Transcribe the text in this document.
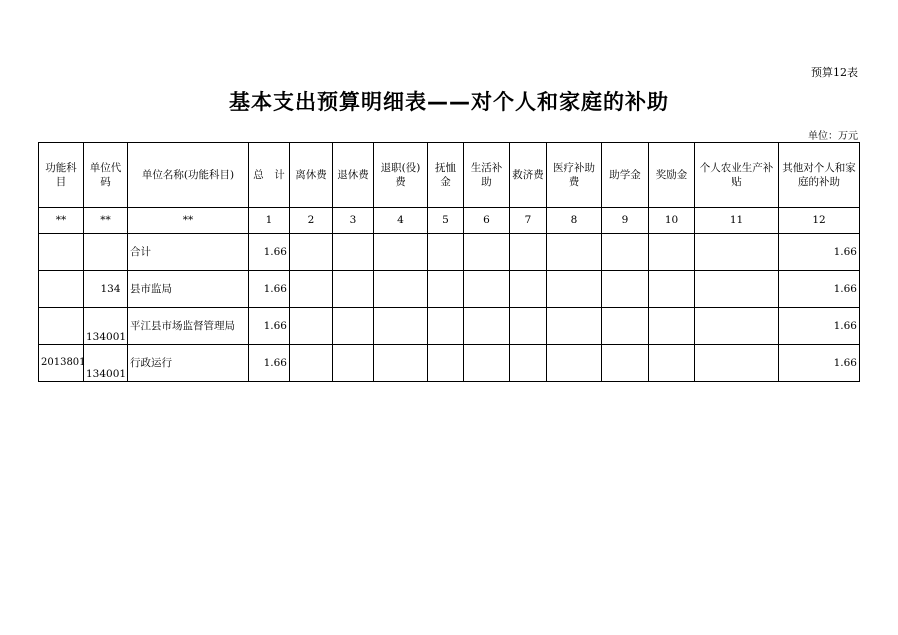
预算12表
基本支出预算明细表——对个人和家庭的补助
单位：万元
功能科目	单位代码	单位名称(功能科目)	总　计	离休费	退休费	退职(役)费	抚恤金	生活补助	救济费	医疗补助费	助学金	奖励金	个人农业生产补贴	其他对个人和家庭的补助
**	**	**	1	2	3	4	5	6	7	8	9	10	11	12
		合计	1.66											1.66
	134	县市监局	1.66											1.66
	134001	平江县市场监督管理局	1.66											1.66
2013801	134001	行政运行	1.66											1.66
